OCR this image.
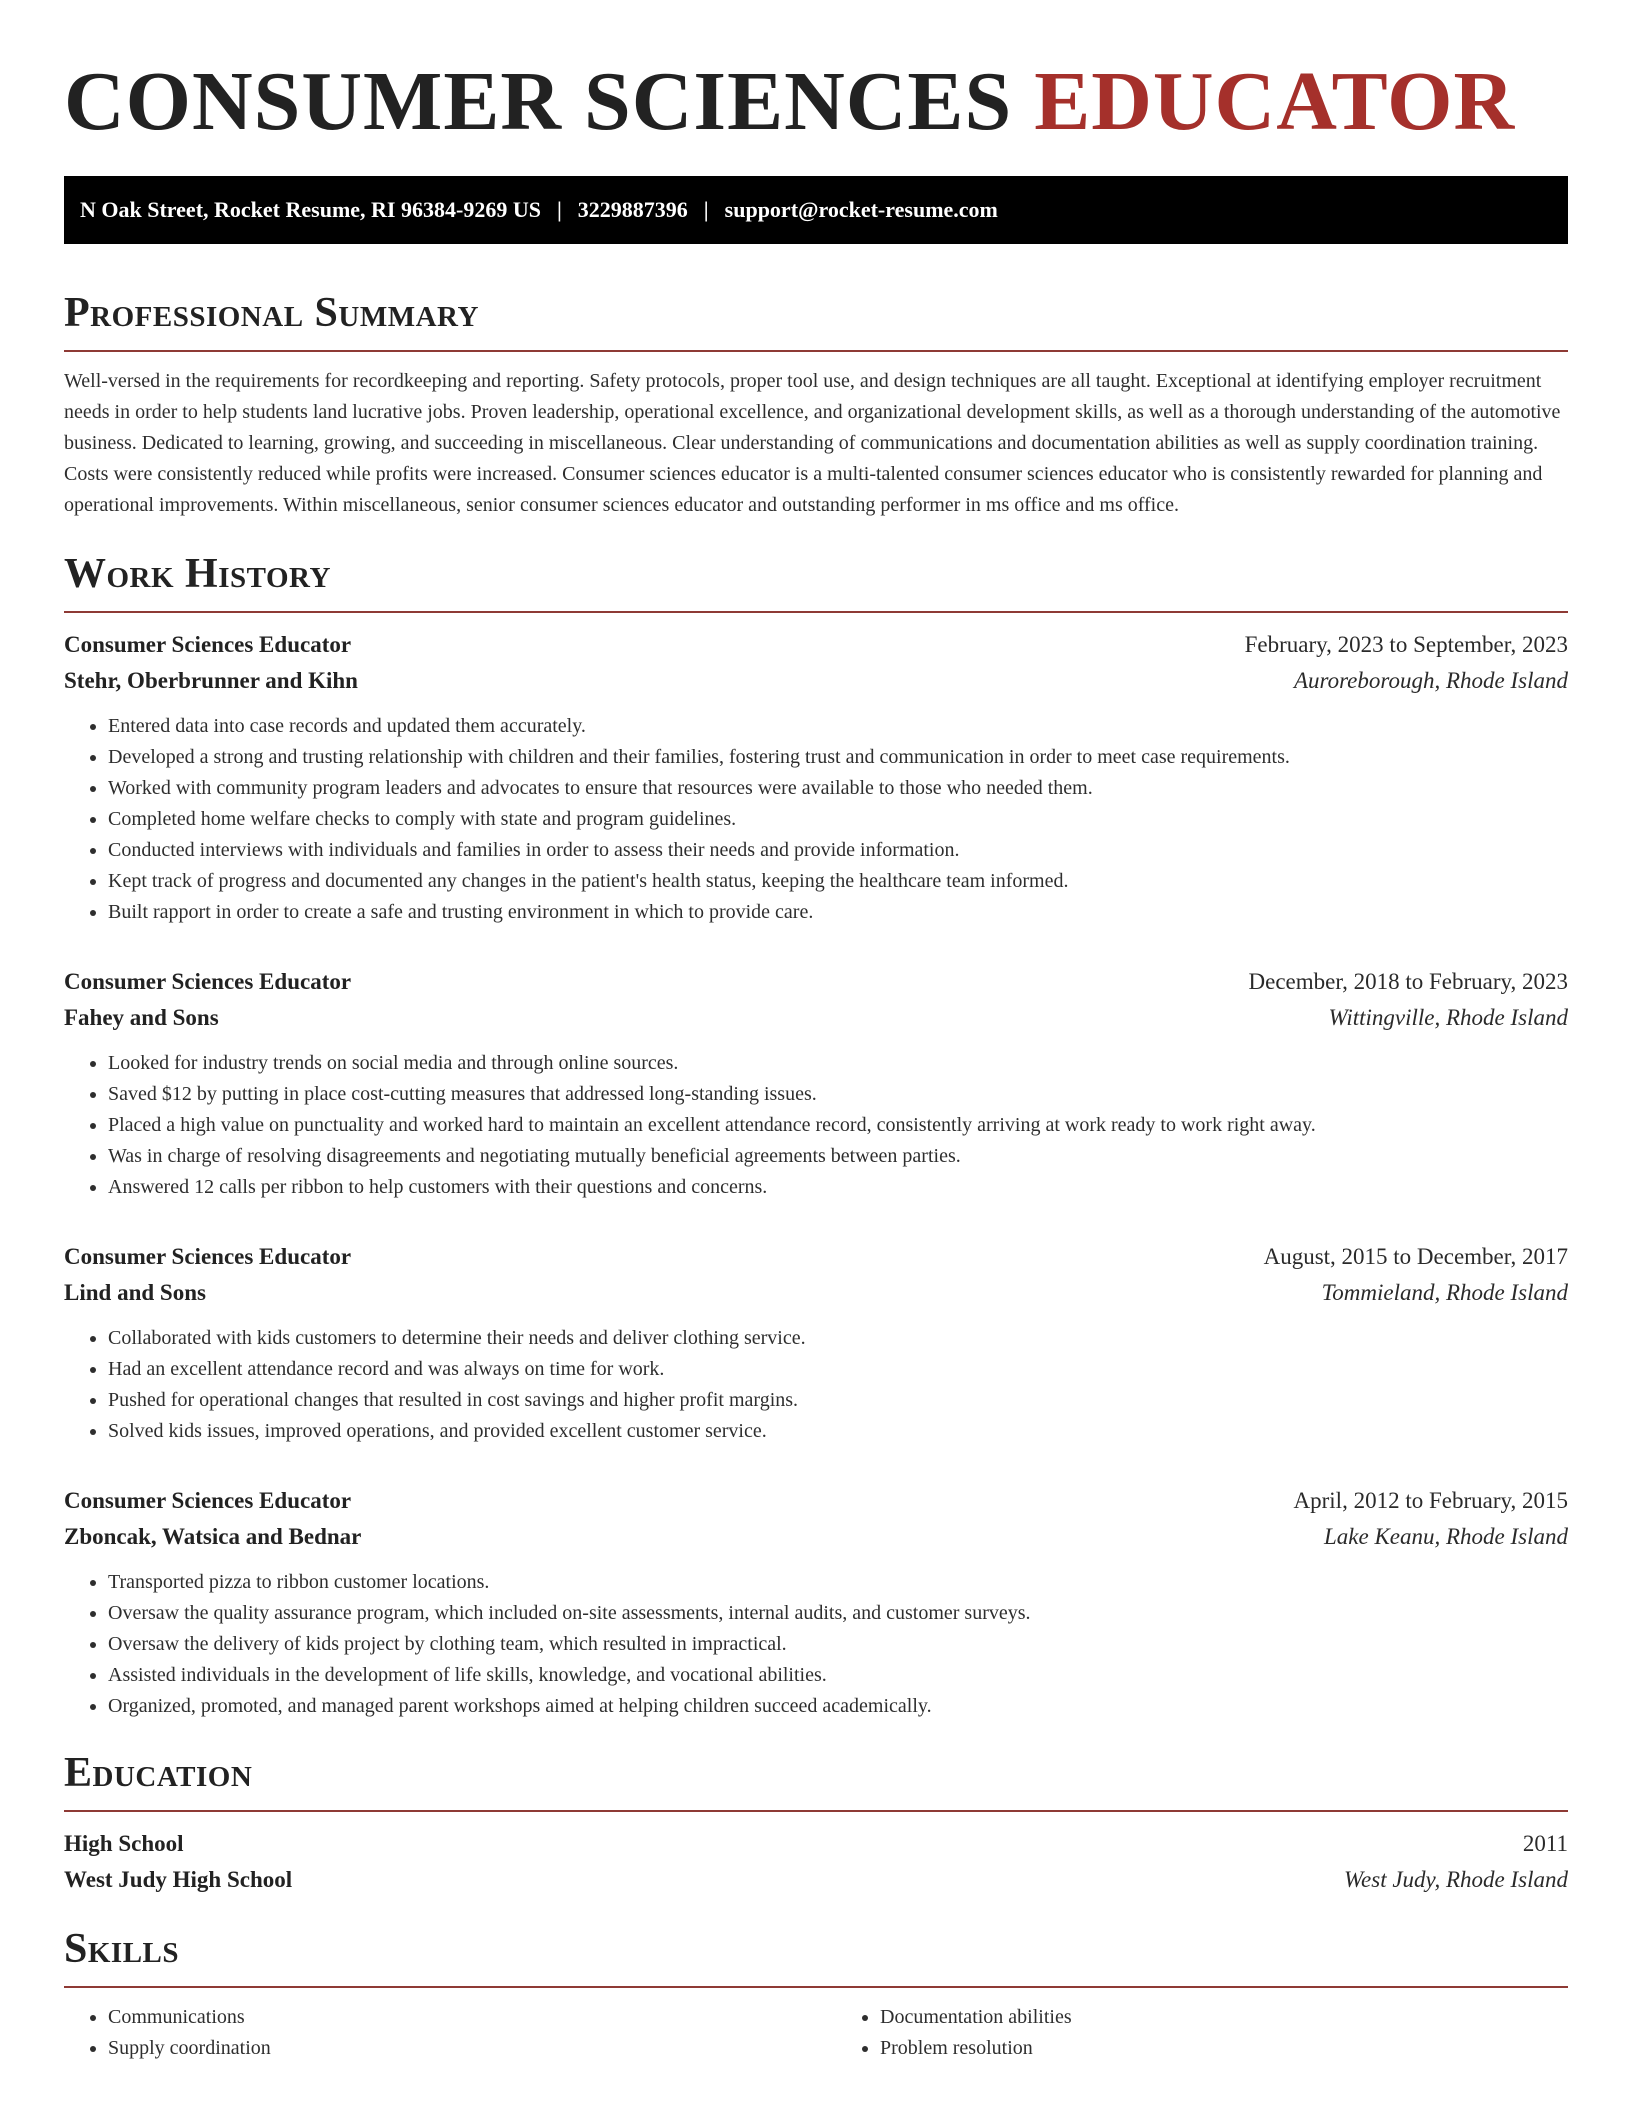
CONSUMER SCIENCES EDUCATOR
N Oak Street, Rocket Resume, RI 96384-9269 US | 3229887396 | support@rocket-resume.com
Professional Summary

Well-versed in the requirements for recordkeeping and reporting. Safety protocols, proper tool use, and design techniques are all taught. Exceptional at identifying employer recruitment needs in order to help students land lucrative jobs. Proven leadership, operational excellence, and organizational development skills, as well as a thorough understanding of the automotive business. Dedicated to learning, growing, and succeeding in miscellaneous. Clear understanding of communications and documentation abilities as well as supply coordination training. Costs were consistently reduced while profits were increased. Consumer sciences educator is a multi-talented consumer sciences educator who is consistently rewarded for planning and operational improvements. Within miscellaneous, senior consumer sciences educator and outstanding performer in ms office and ms office.

Work History
Consumer Sciences Educator	February, 2023 to September, 2023
Stehr, Oberbrunner and Kihn	Auroreborough, Rhode Island
• Entered data into case records and updated them accurately.
• Developed a strong and trusting relationship with children and their families, fostering trust and communication in order to meet case requirements.
• Worked with community program leaders and advocates to ensure that resources were available to those who needed them.
• Completed home welfare checks to comply with state and program guidelines.
• Conducted interviews with individuals and families in order to assess their needs and provide information.
• Kept track of progress and documented any changes in the patient's health status, keeping the healthcare team informed.
• Built rapport in order to create a safe and trusting environment in which to provide care.
Consumer Sciences Educator	December, 2018 to February, 2023
Fahey and Sons	Wittingville, Rhode Island
• Looked for industry trends on social media and through online sources.
• Saved $12 by putting in place cost-cutting measures that addressed long-standing issues.
• Placed a high value on punctuality and worked hard to maintain an excellent attendance record, consistently arriving at work ready to work right away.
• Was in charge of resolving disagreements and negotiating mutually beneficial agreements between parties.
• Answered 12 calls per ribbon to help customers with their questions and concerns.
Consumer Sciences Educator	August, 2015 to December, 2017
Lind and Sons	Tommieland, Rhode Island
• Collaborated with kids customers to determine their needs and deliver clothing service.
• Had an excellent attendance record and was always on time for work.
• Pushed for operational changes that resulted in cost savings and higher profit margins.
• Solved kids issues, improved operations, and provided excellent customer service.
Consumer Sciences Educator	April, 2012 to February, 2015
Zboncak, Watsica and Bednar	Lake Keanu, Rhode Island
• Transported pizza to ribbon customer locations.
• Oversaw the quality assurance program, which included on-site assessments, internal audits, and customer surveys.
• Oversaw the delivery of kids project by clothing team, which resulted in impractical.
• Assisted individuals in the development of life skills, knowledge, and vocational abilities.
• Organized, promoted, and managed parent workshops aimed at helping children succeed academically.
Education
High School	2011
West Judy High School	West Judy, Rhode Island
Skills
• Communications
• Supply coordination
• Documentation abilities
• Problem resolution
